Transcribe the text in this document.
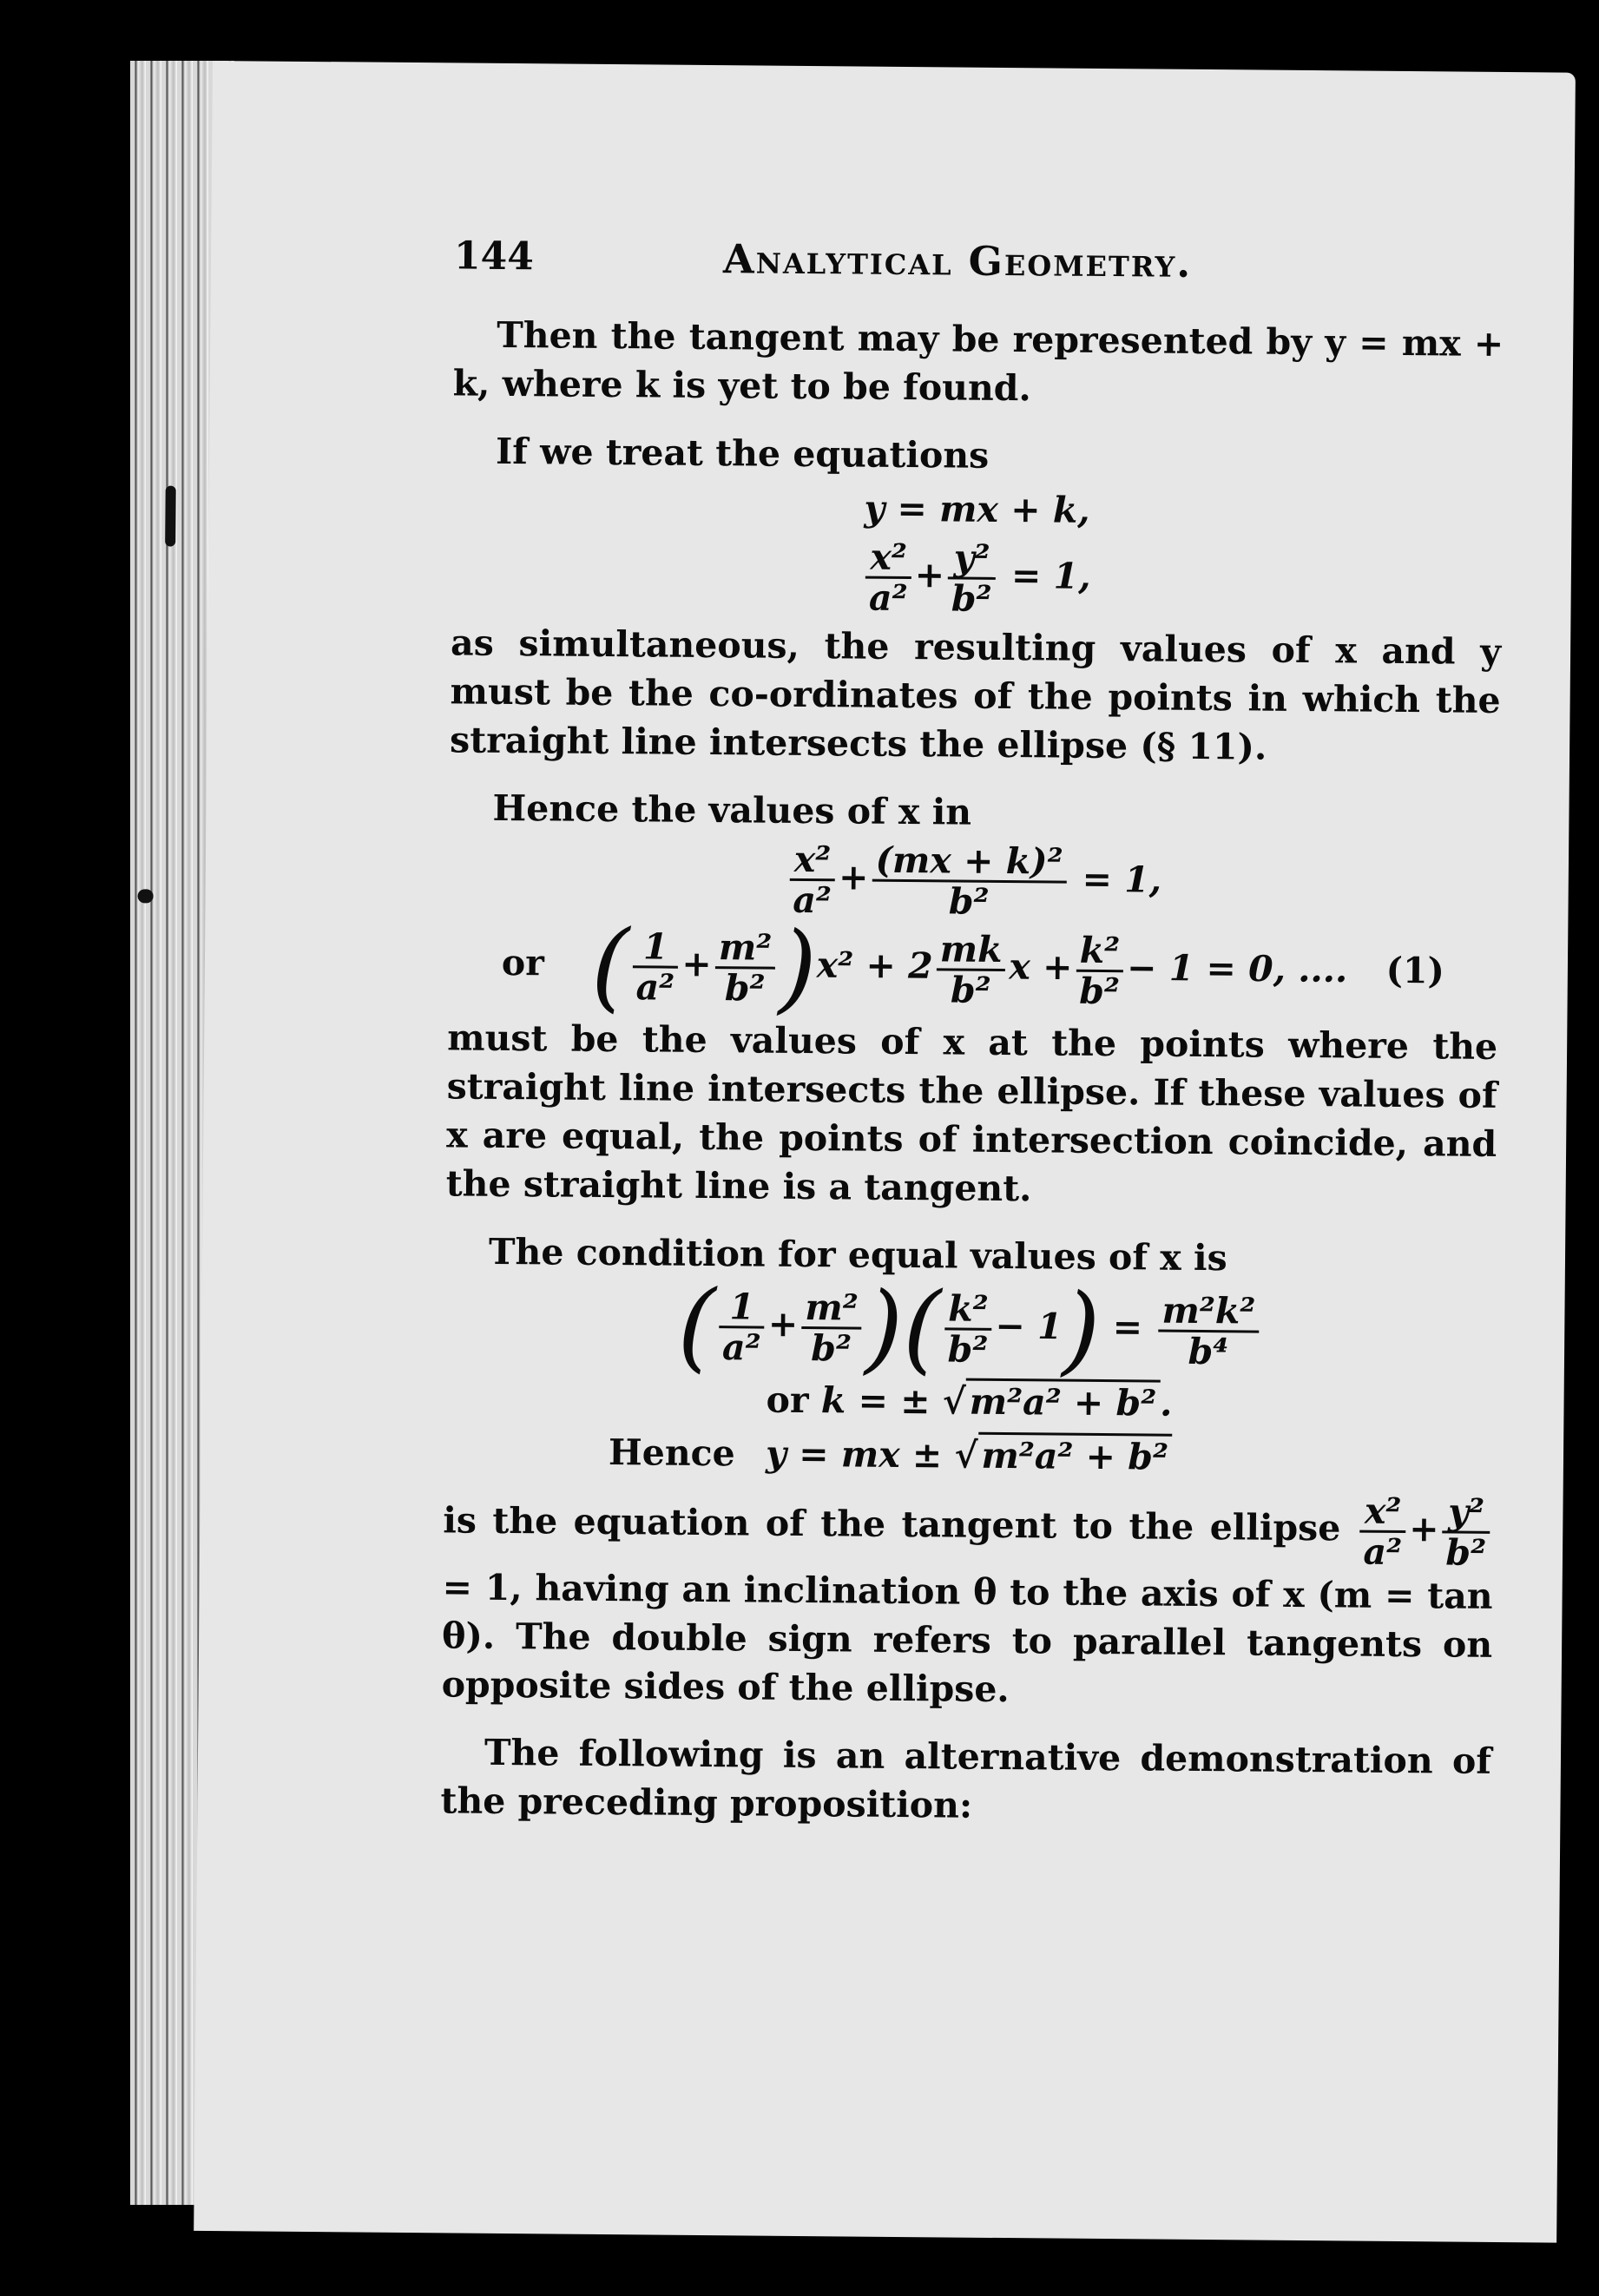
144	Analytical Geometry.

Then the tangent may be represented by y = mx + k, where k is yet to be found.

If we treat the equations

y = mx + k,
$\frac{\text{x²}}{\text{a²}} + \frac{\text{y²}}{\text{b²}} = 1$,

as simultaneous, the resulting values of x and y must be the co-ordinates of the points in which the straight line intersects the ellipse (§ 11).

Hence the values of x in

$\frac{\text{x²}}{\text{a²}} + \frac{\text{(mx + k)²}}{\text{b²}} = 1$,
or ( $\frac{1}{\text{a²}} + \frac{\text{m²}}{\text{b²}} )x^2 + 2 \frac{mk}{\text{b²}}$ $x + \frac{\text{k²}}{\text{b²}} - 1 = 0$, .... (1)

must be the values of x at the points where the straight line intersects the ellipse. If these values of x are equal, the points of intersection coincide, and the straight line is a tangent.

The condition for equal values of x is

( $\frac{1}{\text{a²}} + \frac{\text{m²}}{\text{b²}}$ )( $\frac{\text{k²}}{\text{b²}} - 1) = \frac{\text{m²k²}}{\text{b⁴}}$
or k = ± √m²a² + b².
Hence y = mx ± √m²a² + b²

is the equation of the tangent to the ellipse $\frac{\text{x²}}{\text{a²}} + \frac{\text{y²}}{\text{b²}}$
= 1, having an inclination θ to the axis of x (m = tan θ). The double sign refers to parallel tangents on opposite sides of the ellipse.

The following is an alternative demonstration of the preceding proposition:
